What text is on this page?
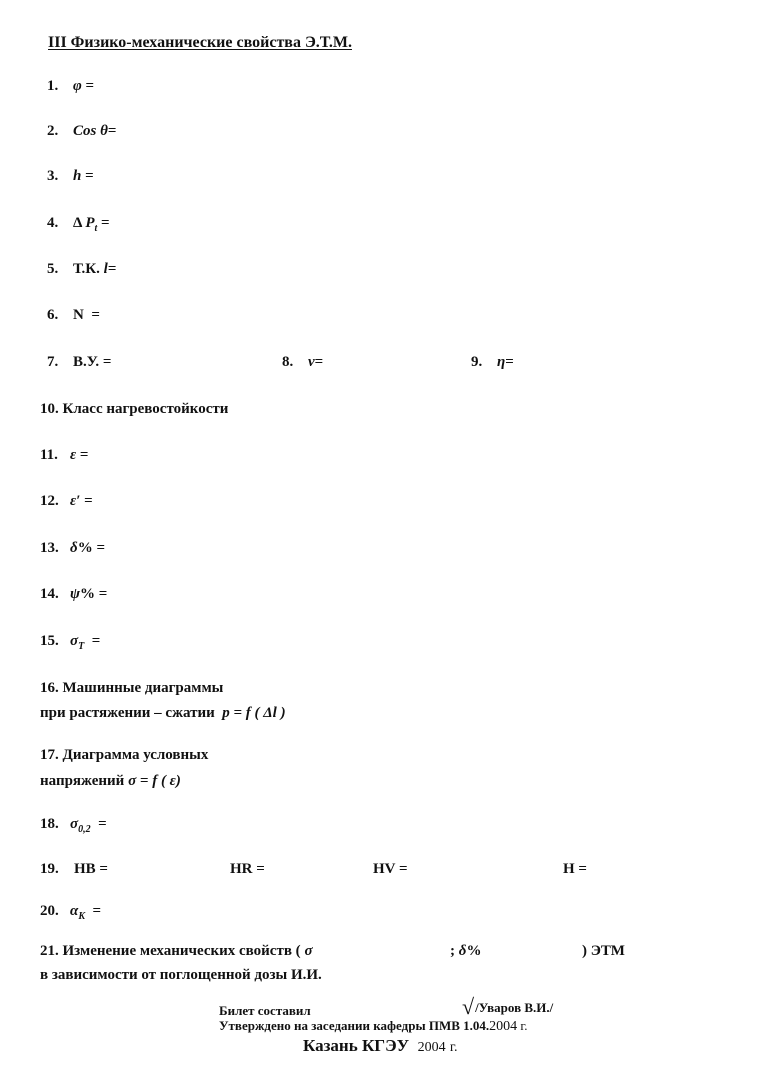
III Физико-механические свойства Э.Т.М.
1. φ =
2. Cos θ=
3. h =
4. Δ $P_t$ =
5. Т.К. l=
6. N  =
7. В.У. =	8. ν=	9. η=
10. Класс нагревостойкости
11. ε =
12. ε′ =
13. δ% =
14. ψ% =
15. $\sigma_T$  =
16. Машинные диаграммы
при растяжении – сжатии p = f ( Δl )
17. Диаграмма условных
напряжений σ = f ( ε)
18. $\sigma_{0,2}$  =
19. HB =	HR =	HV =	H =
20. $\alpha_K$  =
21. Изменение механических свойств ( σ	; δ%	) ЭТМ
в зависимости от поглощенной дозы И.И.
Билет составил	√/Уваров В.И./
Утверждено на заседании кафедры ПМВ 1.04.2004 г.
Казань КГЭУ 2004 г.
